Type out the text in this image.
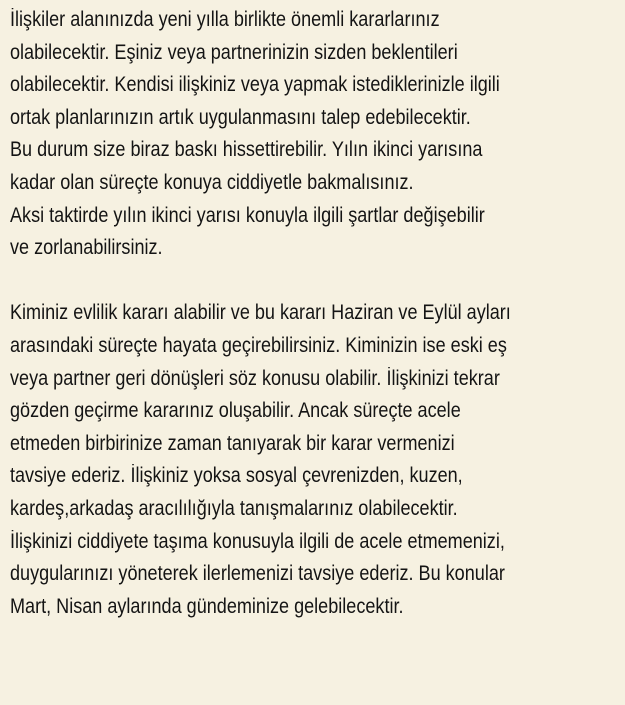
İlişkiler alanınızda yeni yılla birlikte önemli kararlarınız
olabilecektir. Eşiniz veya partnerinizin sizden beklentileri
olabilecektir. Kendisi ilişkiniz veya yapmak istediklerinizle ilgili
ortak planlarınızın artık uygulanmasını talep edebilecektir.
Bu durum size biraz baskı hissettirebilir. Yılın ikinci yarısına
kadar olan süreçte konuya ciddiyetle bakmalısınız.
Aksi taktirde yılın ikinci yarısı konuyla ilgili şartlar değişebilir
ve zorlanabilirsiniz.
Kiminiz evlilik kararı alabilir ve bu kararı Haziran ve Eylül ayları
arasındaki süreçte hayata geçirebilirsiniz. Kiminizin ise eski eş
veya partner geri dönüşleri söz konusu olabilir. İlişkinizi tekrar
gözden geçirme kararınız oluşabilir. Ancak süreçte acele
etmeden birbirinize zaman tanıyarak bir karar vermenizi
tavsiye ederiz. İlişkiniz yoksa sosyal çevrenizden, kuzen,
kardeş,arkadaş aracılılığıyla tanışmalarınız olabilecektir.
İlişkinizi ciddiyete taşıma konusuyla ilgili de acele etmemenizi,
duygularınızı yöneterek ilerlemenizi tavsiye ederiz. Bu konular
Mart, Nisan aylarında gündeminize gelebilecektir.
